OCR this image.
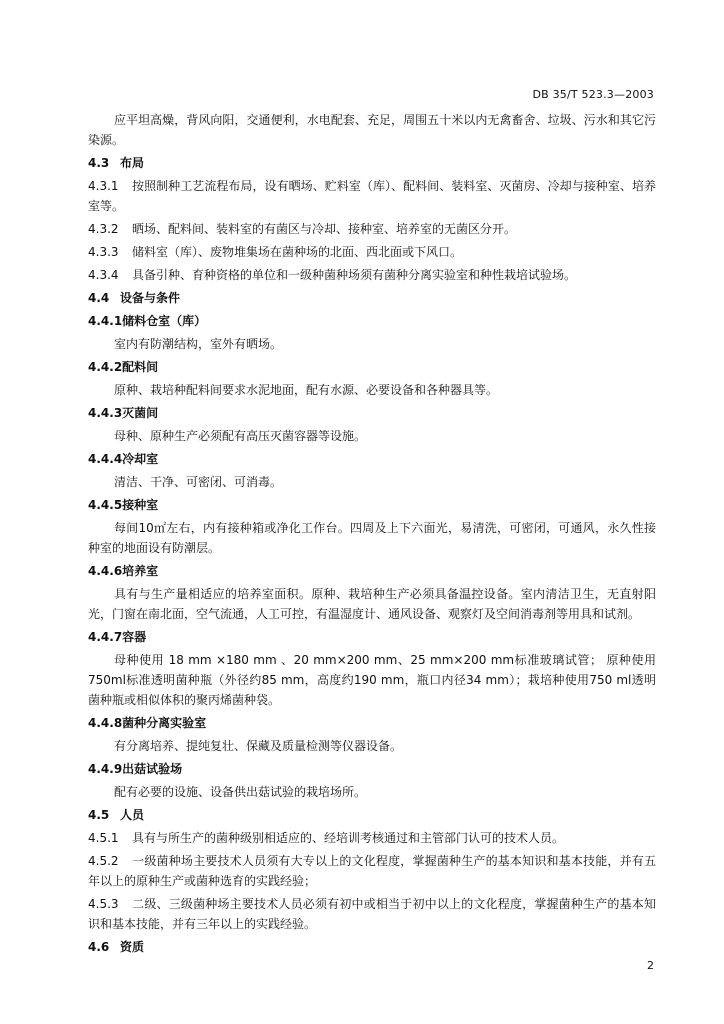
DB 35/T 523.3—2003

应平坦高燥，背风向阳，交通便利，水电配套、充足，周围五十米以内无禽畜舍、垃圾、污水和其它污染源。

4.3 布局

4.3.1 按照制种工艺流程布局，设有晒场、贮料室（库）、配料间、装料室、灭菌房、冷却与接种室、培养室等。

4.3.2 晒场、配料间、装料室的有菌区与冷却、接种室、培养室的无菌区分开。

4.3.3 储料室（库）、废物堆集场在菌种场的北面、西北面或下风口。

4.3.4 具备引种、育种资格的单位和一级种菌种场须有菌种分离实验室和种性栽培试验场。

4.4 设备与条件

4.4.1储料仓室（库）

室内有防潮结构，室外有晒场。

4.4.2配料间

原种、栽培种配料间要求水泥地面，配有水源、必要设备和各种器具等。

4.4.3灭菌间

母种、原种生产必须配有高压灭菌容器等设施。

4.4.4冷却室

清洁、干净、可密闭、可消毒。

4.4.5接种室

每间10㎡左右，内有接种箱或净化工作台。四周及上下六面光，易清洗，可密闭，可通风，永久性接种室的地面设有防潮层。

4.4.6培养室

具有与生产量相适应的培养室面积。原种、栽培种生产必须具备温控设备。室内清洁卫生，无直射阳光，门窗在南北面，空气流通，人工可控，有温湿度计、通风设备、观察灯及空间消毒剂等用具和试剂。

4.4.7容器

母种使用 18 mm ×180 mm 、20 mm×200 mm、25 mm×200 mm标准玻璃试管； 原种使用750ml标准透明菌种瓶（外径约85 mm，高度约190 mm，瓶口内径34 mm）；栽培种使用750 ml透明菌种瓶或相似体积的聚丙烯菌种袋。

4.4.8菌种分离实验室

有分离培养、提纯复壮、保藏及质量检测等仪器设备。

4.4.9出菇试验场

配有必要的设施、设备供出菇试验的栽培场所。

4.5 人员

4.5.1 具有与所生产的菌种级别相适应的、经培训考核通过和主管部门认可的技术人员。

4.5.2 一级菌种场主要技术人员须有大专以上的文化程度，掌握菌种生产的基本知识和基本技能，并有五年以上的原种生产或菌种选育的实践经验；

4.5.3 二级、三级菌种场主要技术人员必须有初中或相当于初中以上的文化程度，掌握菌种生产的基本知识和基本技能，并有三年以上的实践经验。

4.6 资质

2
